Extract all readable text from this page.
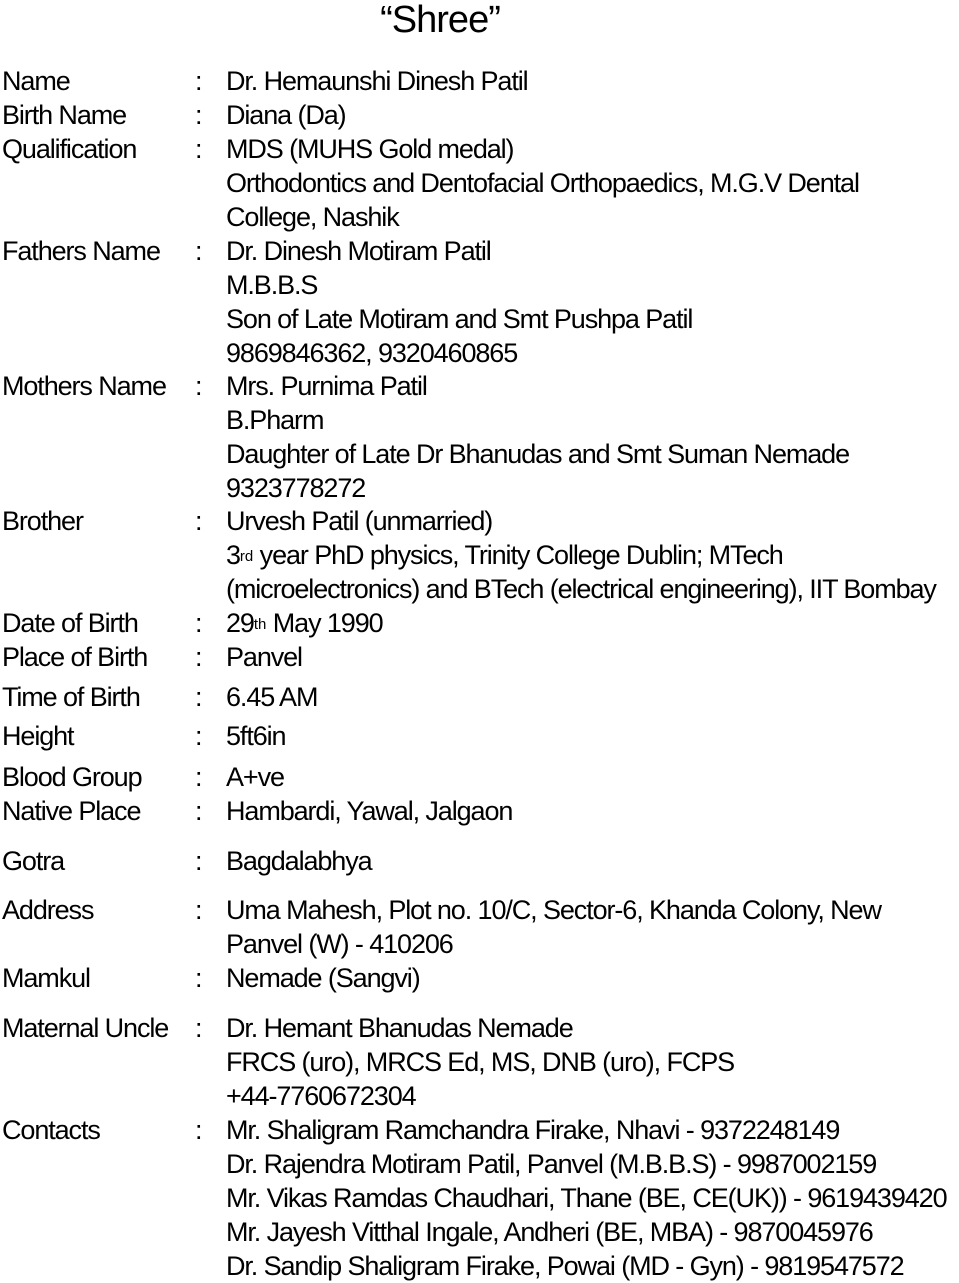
“Shree”
Name	: Dr. Hemaunshi Dinesh Patil
Birth Name	: Diana (Da)
Qualification : MDS (MUHS Gold medal)
Orthodontics and Dentofacial Orthopaedics, M.G.V Dental
College, Nashik
Fathers Name : Dr. Dinesh Motiram Patil
M.B.B.S
Son of Late Motiram and Smt Pushpa Patil
9869846362, 9320460865
Mothers Name : Mrs. Purnima Patil
B.Pharm
Daughter of Late Dr Bhanudas and Smt Suman Nemade
9323778272
Brother	: Urvesh Patil (unmarried)
3rd year PhD physics, Trinity College Dublin; MTech
(microelectronics) and BTech (electrical engineering), IIT Bombay
Date of Birth : 29th May 1990
Place of Birth : Panvel
Time of Birth : 6.45 AM
Height	: 5ft6in
Blood Group : A+ve
Native Place : Hambardi, Yawal, Jalgaon
Gotra	: Bagdalabhya
Address	: Uma Mahesh, Plot no. 10/C, Sector-6, Khanda Colony, New
Panvel (W) - 410206
Mamkul	: Nemade (Sangvi)
Maternal Uncle : Dr. Hemant Bhanudas Nemade
FRCS (uro), MRCS Ed, MS, DNB (uro), FCPS
+44-7760672304
Contacts	: Mr. Shaligram Ramchandra Firake, Nhavi - 9372248149
Dr. Rajendra Motiram Patil, Panvel (M.B.B.S) - 9987002159
Mr. Vikas Ramdas Chaudhari, Thane (BE, CE(UK)) - 9619439420
Mr. Jayesh Vitthal Ingale, Andheri (BE, MBA) - 9870045976
Dr. Sandip Shaligram Firake, Powai (MD - Gyn) - 9819547572
